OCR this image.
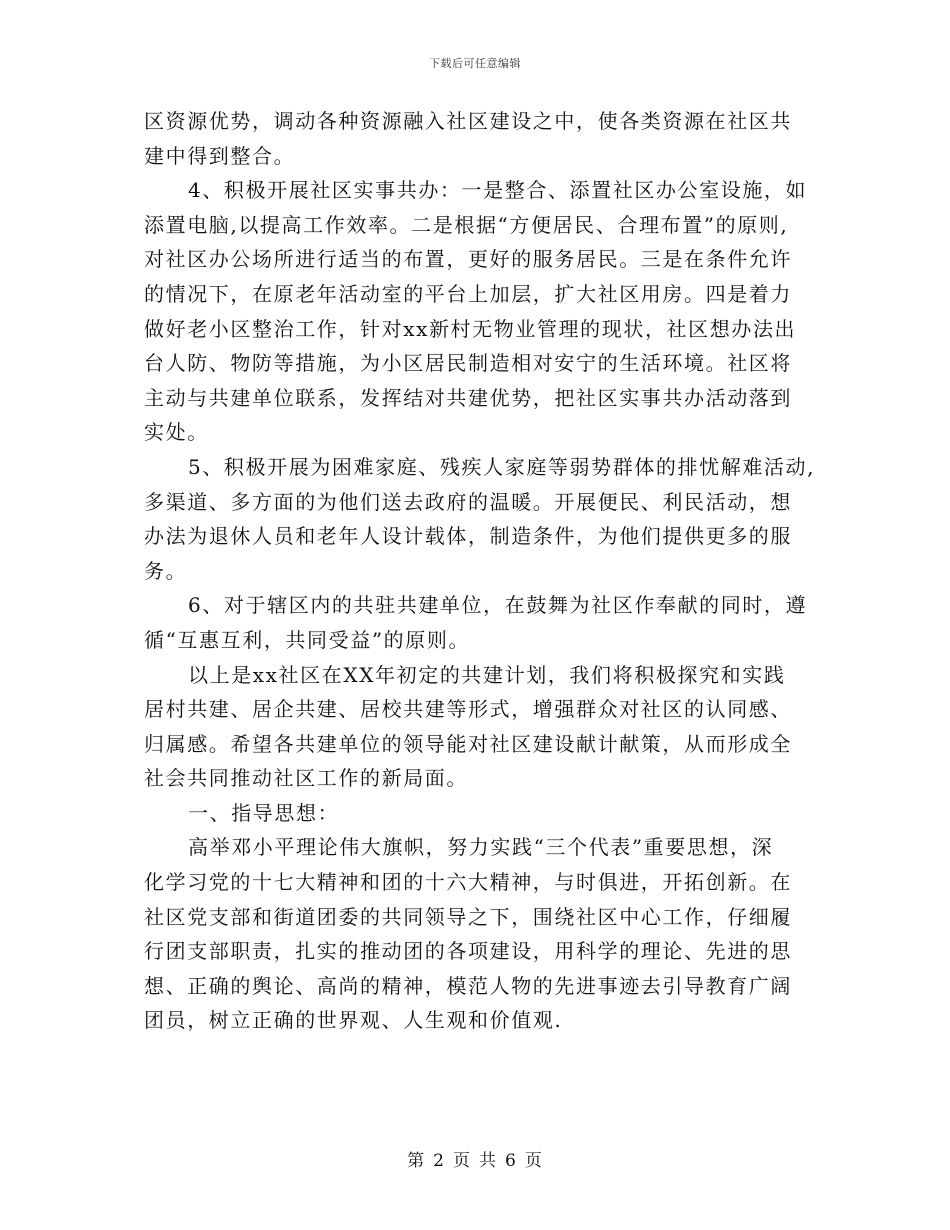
下载后可任意编辑
区资源优势，调动各种资源融入社区建设之中，使各类资源在社区共
建中得到整合。
4、积极开展社区实事共办：一是整合、添置社区办公室设施，如
添置电脑,以提高工作效率。二是根据“方便居民、合理布置”的原则,
对社区办公场所进行适当的布置，更好的服务居民。三是在条件允许
的情况下，在原老年活动室的平台上加层，扩大社区用房。四是着力
做好老小区整治工作，针对xx新村无物业管理的现状，社区想办法出
台人防、物防等措施，为小区居民制造相对安宁的生活环境。社区将
主动与共建单位联系，发挥结对共建优势，把社区实事共办活动落到
实处。
5、积极开展为困难家庭、残疾人家庭等弱势群体的排忧解难活动,
多渠道、多方面的为他们送去政府的温暖。开展便民、利民活动，想
办法为退休人员和老年人设计载体，制造条件，为他们提供更多的服
务。
6、对于辖区内的共驻共建单位，在鼓舞为社区作奉献的同时，遵
循“互惠互利，共同受益”的原则。
以上是xx社区在XX年初定的共建计划，我们将积极探究和实践
居村共建、居企共建、居校共建等形式，增强群众对社区的认同感、
归属感。希望各共建单位的领导能对社区建设献计献策，从而形成全
社会共同推动社区工作的新局面。
一、指导思想：
高举邓小平理论伟大旗帜，努力实践“三个代表”重要思想，深
化学习党的十七大精神和团的十六大精神，与时俱进，开拓创新。在
社区党支部和街道团委的共同领导之下，围绕社区中心工作，仔细履
行团支部职责，扎实的推动团的各项建设，用科学的理论、先进的思
想、正确的舆论、高尚的精神，模范人物的先进事迹去引导教育广阔
团员，树立正确的世界观、人生观和价值观.
第 2 页 共 6 页
